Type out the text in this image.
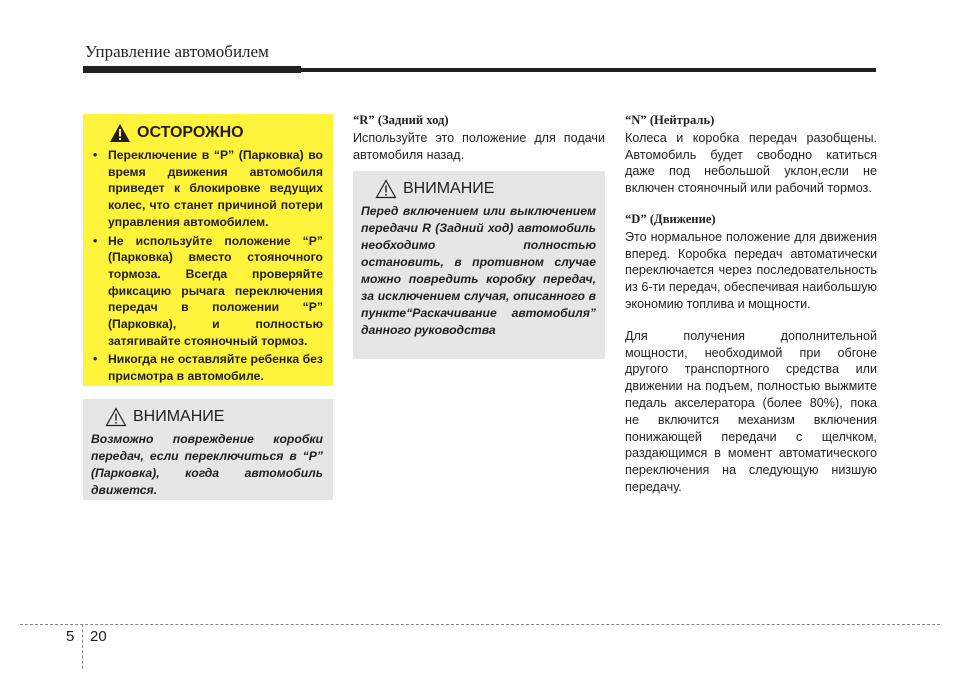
Управление автомобилем
ОСТОРОЖНО
• Переключение в “P” (Парковка) во время движения автомобиля приведет к блокировке ведущих колес, что станет причиной потери управления автомобилем.
• Не используйте положение “P” (Парковка) вместо стояночного тормоза. Всегда проверяйте фиксацию рычага переключения передач в положении “P” (Парковка), и полностью затягивайте стояночный тормоз.
• Никогда не оставляйте ребенка без присмотра в автомобиле.
ВНИМАНИЕ
Возможно повреждение коробки передач, если переключиться в “P” (Парковка), когда автомобиль движется.
“R” (Задний ход)
Используйте это положение для подачи автомобиля назад.
ВНИМАНИЕ
Перед включением или выключением передачи R (Задний ход) автомобиль необходимо полностью остановить, в противном случае можно повредить коробку передач, за исключением случая, описанного в пункте“Раскачивание автомобиля” данного руководства
“N” (Нейтраль)
Колеса и коробка передач разобщены. Автомобиль будет свободно катиться даже под небольшой уклон,если не включен стояночный или рабочий тормоз.
“D” (Движение)
Это нормальное положение для движения вперед. Коробка передач автоматически переключается через последовательность из 6-ти передач, обеспечивая наибольшую экономию топлива и мощности.
Для получения дополнительной мощности, необходимой при обгоне другого транспортного средства или движении на подъем, полностью выжмите педаль акселератора (более 80%), пока не включится механизм включения понижающей передачи с щелчком, раздающимся в момент автоматического переключения на следующую низшую передачу.
5 20
